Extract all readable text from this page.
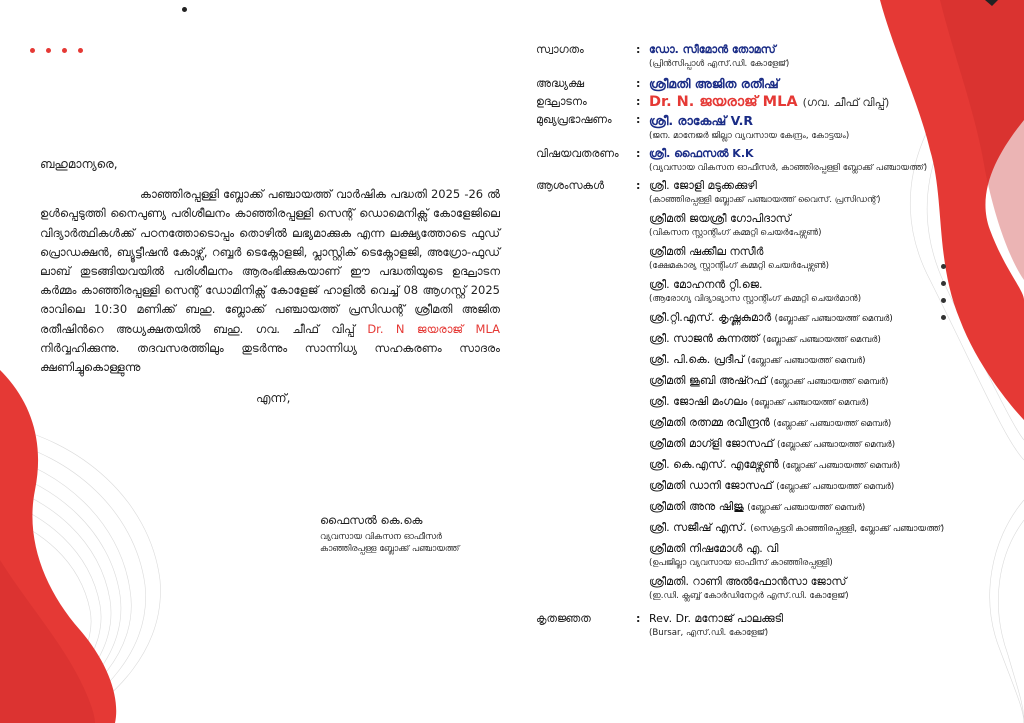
ബഹുമാന്യരെ,
കാഞ്ഞിരപ്പള്ളി ബ്ലോക്ക് പഞ്ചായത്ത് വാർഷിക പദ്ധതി 2025 -26 ൽ ഉൾപ്പെടുത്തി നൈപുണ്യ പരിശീലനം കാഞ്ഞിരപ്പള്ളി സെന്റ് ഡൊമെനിക്സ് കോളേജിലെ വിദ്യാർത്ഥികൾക്ക് പഠനത്തോടൊപ്പം തൊഴിൽ ലഭ്യമാക്കുക എന്ന ലക്ഷ്യത്തോടെ ഫുഡ് പ്രൊഡക്ഷൻ, ബ്യൂട്ടീഷൻ കോഴ്സ്, റബ്ബർ ടെക്നോളജി, പ്ലാസ്റ്റിക് ടെക്നോളജി, അഗ്രോ-ഫുഡ് ലാബ് തുടങ്ങിയവയിൽ പരിശീലനം ആരംഭിക്കുകയാണ് ഈ പദ്ധതിയുടെ ഉദ്ഘാടന കർമ്മം കാഞ്ഞിരപ്പള്ളി സെന്റ് ഡോമിനിക്സ് കോളേജ് ഹാളിൽ വെച്ച് 08 ആഗസ്റ്റ് 2025 രാവിലെ 10:30 മണിക്ക് ബഹു. ബ്ലോക്ക് പഞ്ചായത്ത് പ്രസിഡന്റ് ശ്രീമതി അജിത രതീഷിൻറെ അധ്യക്ഷതയിൽ ബഹു. ഗവ. ചീഫ് വിപ്പ് Dr. N ജയരാജ് MLA നിർവ്വഹിക്കുന്നു. തദവസരത്തിലും തുടർന്നും സാന്നിധ്യ സഹകരണം സാദരം ക്ഷണിച്ചുകൊള്ളുന്നു
എന്ന്,
ഫൈസൽ കെ.കെ
വ്യവസായ വികസന ഓഫീസർ
കാഞ്ഞിരപ്പള്ള ബ്ലോക്ക് പഞ്ചായത്ത്
സ്വാഗതം	: ഡോ. സീമോൻ തോമസ്
(പ്രിൻസിപ്പാൾ എസ്.ഡി. കോളേജ്)
അദ്ധ്യക്ഷ	: ശ്രീമതി അജിത രതീഷ്
ഉദ്ഘാടനം	: Dr. N. ജയരാജ് MLA (ഗവ. ചീഫ് വിപ്പ്)
മുഖ്യപ്രഭാഷണം	: ശ്രീ. രാകേഷ് V.R
(ജന. മാനേജർ ജില്ലാ വ്യവസായ കേന്ദ്രം, കോട്ടയം)
വിഷയവതരണം	: ശ്രീ. ഫൈസൽ K.K
(വ്യവസായ വികസന ഓഫീസർ, കാഞ്ഞിരപ്പള്ളി ബ്ലോക്ക് പഞ്ചായത്ത്)
ആശംസകൾ	: ശ്രീ. ജോളി മടുക്കക്കുഴി
(കാഞ്ഞിരപ്പള്ളി ബ്ലോക്ക് പഞ്ചായത്ത് വൈസ്. പ്രസിഡന്റ്)
ശ്രീമതി ജയശ്രീ ഗോപിദാസ്
(വികസന സ്റ്റാന്റിംഗ് കമ്മറ്റി ചെയർപേഴ്സൺ)
ശ്രീമതി ഷക്കീല നസീർ
(ക്ഷേമകാര്യ സ്റ്റാന്റിംഗ് കമ്മറ്റി ചെയർപേഴ്സൺ)
ശ്രീ. മോഹനൻ റ്റി.ജെ.
(ആരോഗ്യ വിദ്യാഭ്യാസ സ്റ്റാന്റിംഗ് കമ്മറ്റി ചെയർമാൻ)
ശ്രീ.റ്റി.എസ്. കൃഷ്ണകുമാർ (ബ്ലോക്ക് പഞ്ചായത്ത് മെമ്പർ)
ശ്രീ. സാജൻ കുന്നത്ത് (ബ്ലോക്ക് പഞ്ചായത്ത് മെമ്പർ)
ശ്രീ. പി.കെ. പ്രദീപ് (ബ്ലോക്ക് പഞ്ചായത്ത് മെമ്പർ)
ശ്രീമതി ജൂബി അഷ്റഫ് (ബ്ലോക്ക് പഞ്ചായത്ത് മെമ്പർ)
ശ്രീ. ജോഷി മംഗലം (ബ്ലോക്ക് പഞ്ചായത്ത് മെമ്പർ)
ശ്രീമതി രത്നമ്മ രവീന്ദ്രൻ (ബ്ലോക്ക് പഞ്ചായത്ത് മെമ്പർ)
ശ്രീമതി മാഗ്ളി ജോസഫ് (ബ്ലോക്ക് പഞ്ചായത്ത് മെമ്പർ)
ശ്രീ. കെ.എസ്. എമേഴ്സൺ (ബ്ലോക്ക് പഞ്ചായത്ത് മെമ്പർ)
ശ്രീമതി ഡാനി ജോസഫ് (ബ്ലോക്ക് പഞ്ചായത്ത് മെമ്പർ)
ശ്രീമതി അനു ഷിജു (ബ്ലോക്ക് പഞ്ചായത്ത് മെമ്പർ)
ശ്രീ. സജീഷ് എസ്. (സെക്രട്ടറി കാഞ്ഞിരപ്പള്ളി, ബ്ലോക്ക് പഞ്ചായത്ത്)
ശ്രീമതി നിഷമോൾ എ. വി
(ഉപജില്ലാ വ്യവസായ ഓഫീസ് കാഞ്ഞിരപ്പള്ളി)
ശ്രീമതി. റാണി അൽഫോൻസാ ജോസ്
(ഇ.ഡി. ക്ലബ്ബ് കോർഡിനേറ്റർ എസ്.ഡി. കോളേജ്)
കൃതജ്ഞത	: Rev. Dr. മനോജ് പാലക്കുടി
(Bursar, എസ്.ഡി. കോളേജ്)
